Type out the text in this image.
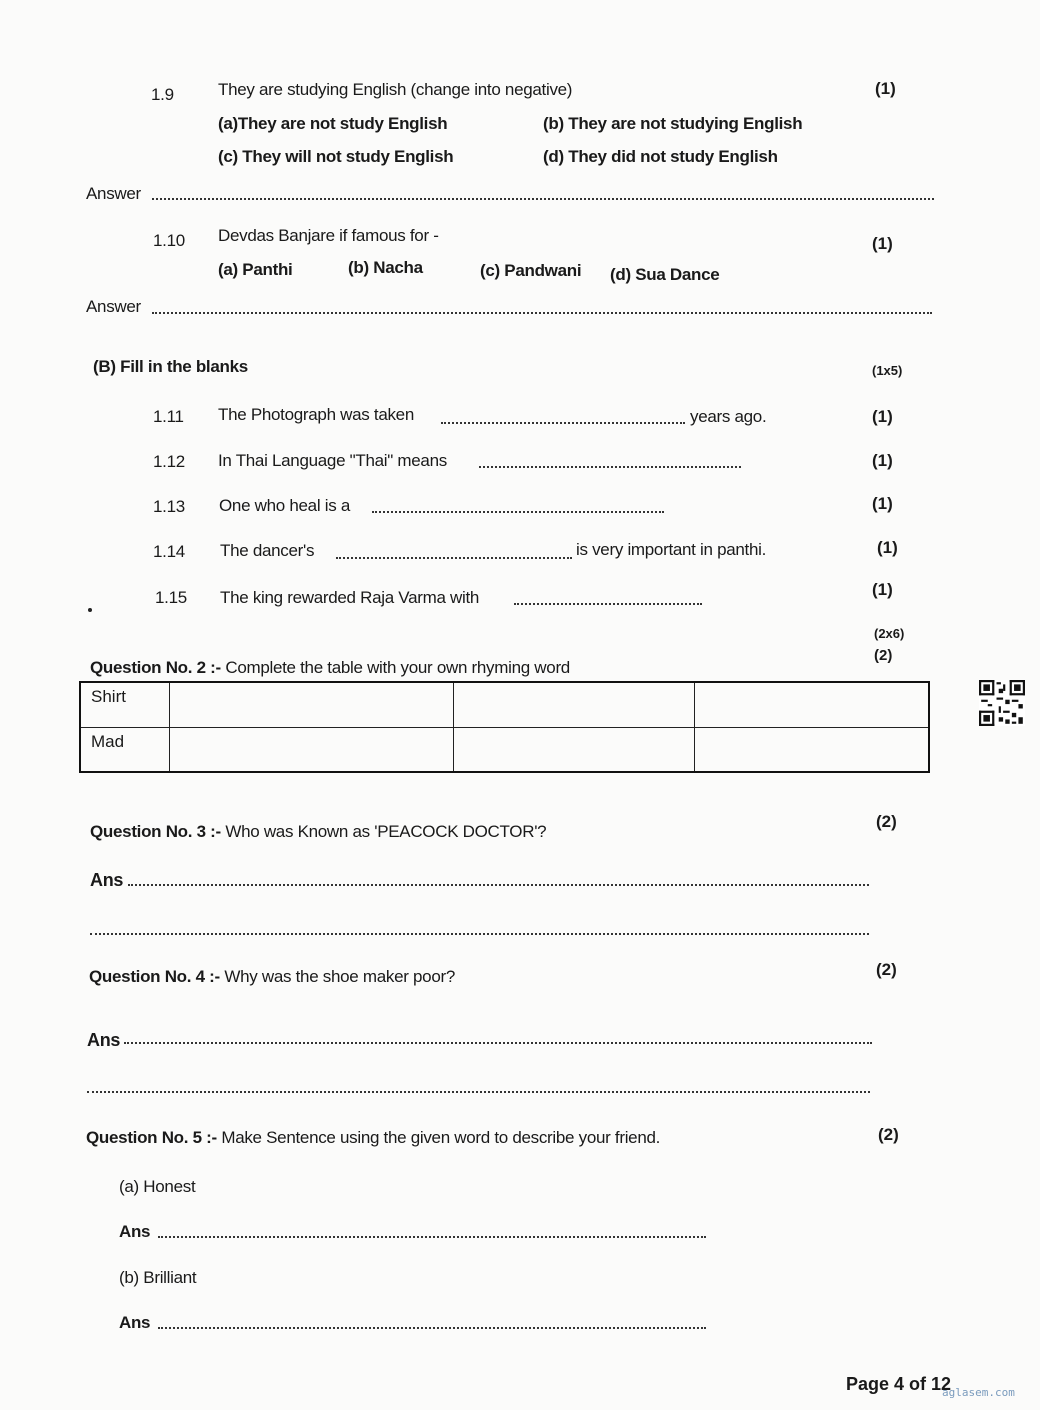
1.9	They are studying English (change into negative)	(1)
(a)They are not study English	(b) They are not studying English
(c) They will not study English	(d) They did not study English
Answer
1.10 Devdas Banjare if famous for -	(1)
(a) Panthi	(b) Nacha	(c) Pandwani (d) Sua Dance
Answer
(B) Fill in the blanks	(1x5)
1.11 The Photograph was taken	years ago.	(1)
1.12 In Thai Language "Thai" means	(1)
1.13 One who heal is a	(1)
1.14 The dancer's	is very important in panthi.	(1)
1.15 The king rewarded Raja Varma with	(1)
(2x6)
(2)
Question No. 2 :- Complete the table with your own rhyming word
Shirt			
Mad			
Question No. 3 :- Who was Known as 'PEACOCK DOCTOR'?
(2)
Ans
Question No. 4 :- Why was the shoe maker poor?	(2)
Ans
Question No. 5 :- Make Sentence using the given word to describe your friend.	(2)
(a) Honest
Ans
(b) Brilliant
Ans
Page 4 of 12
aglasem.com
